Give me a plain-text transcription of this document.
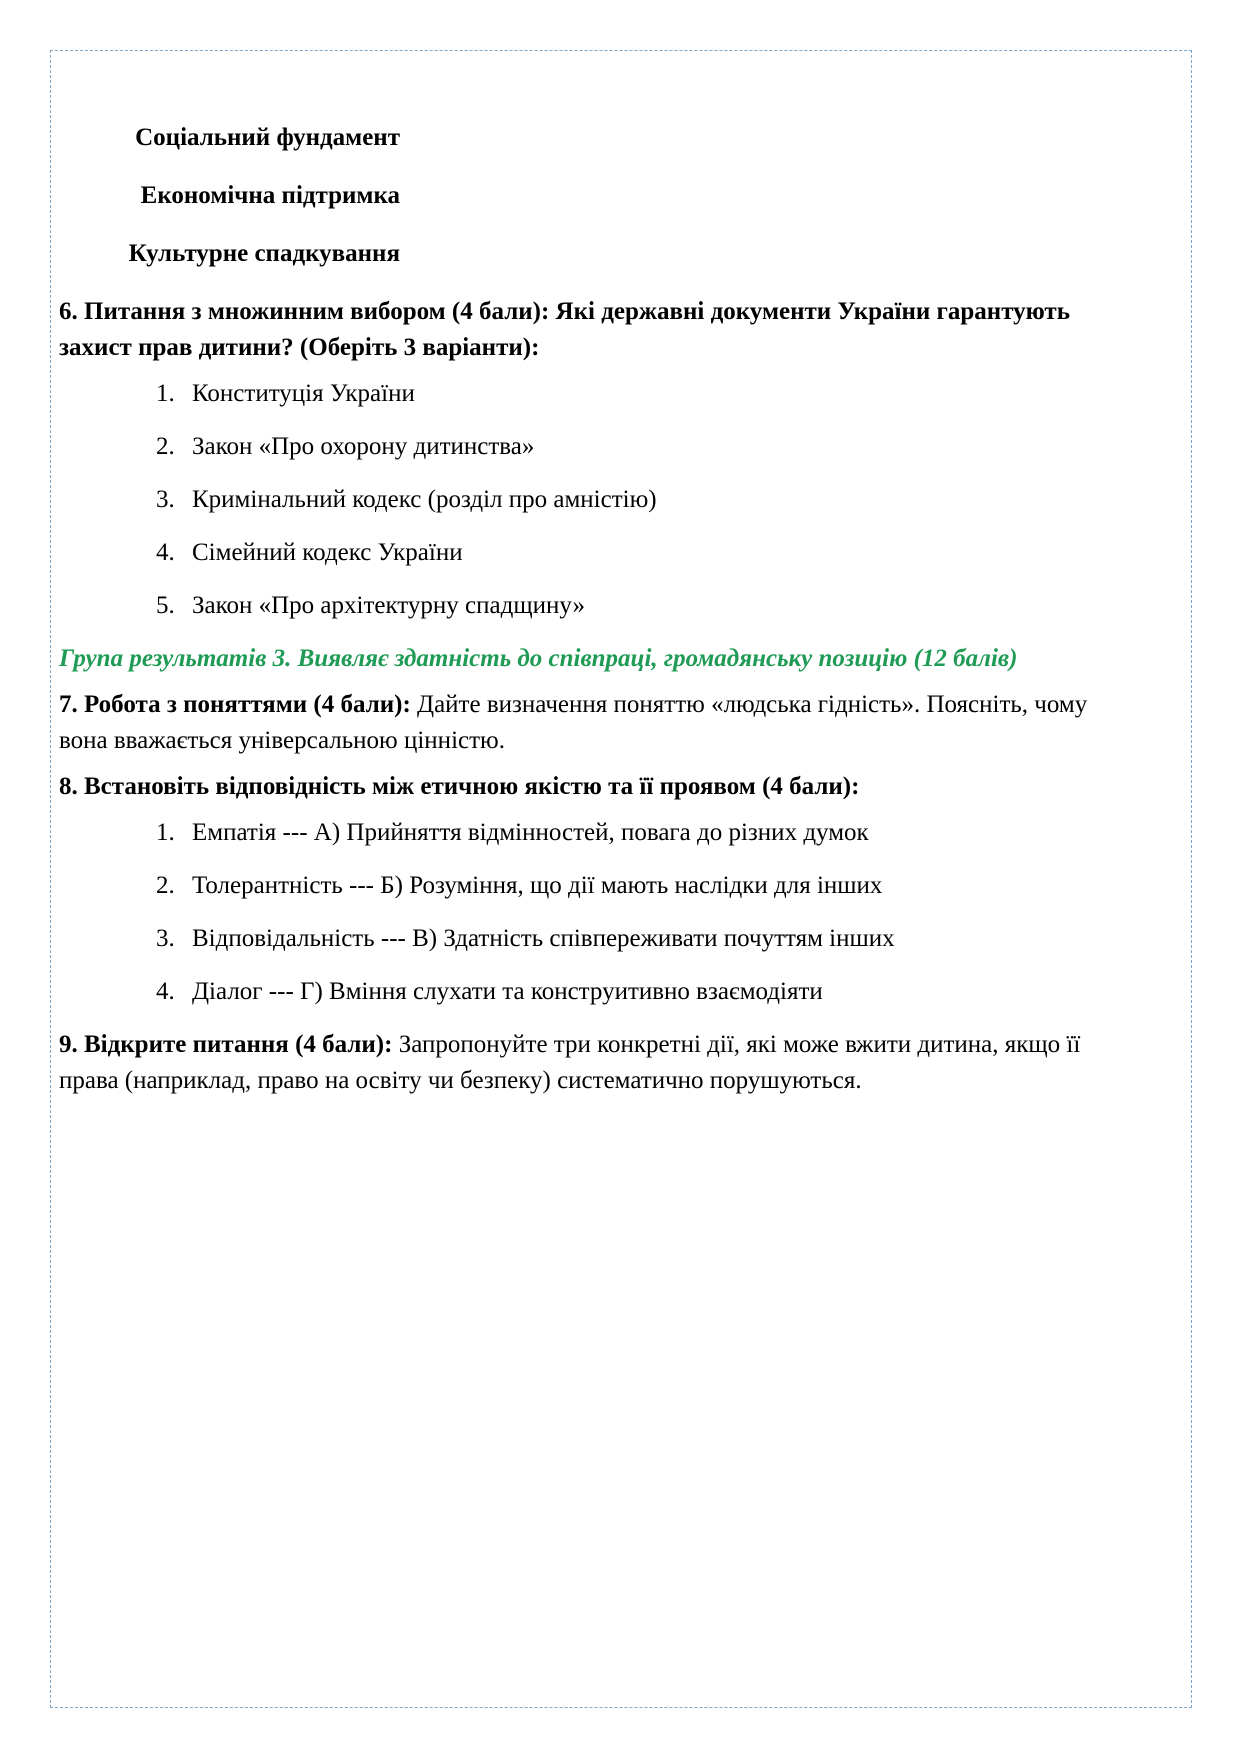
Соціальний фундамент
Економічна підтримка
Культурне спадкування

6. Питання з множинним вибором (4 бали): Які державні документи України гарантують захист прав дитини? (Оберіть 3 варіанти):

1. Конституція України
2. Закон «Про охорону дитинства»
3. Кримінальний кодекс (розділ про амністію)
4. Сімейний кодекс України
5. Закон «Про архітектурну спадщину»

Група результатів 3. Виявляє здатність до співпраці, громадянську позицію (12 балів)

7. Робота з поняттями (4 бали): Дайте визначення поняттю «людська гідність». Поясніть, чому вона вважається універсальною цінністю.

8. Встановіть відповідність між етичною якістю та її проявом (4 бали):

1. Емпатія --- А) Прийняття відмінностей, повага до різних думок
2. Толерантність --- Б) Розуміння, що дії мають наслідки для інших
3. Відповідальність --- В) Здатність співпереживати почуттям інших
4. Діалог --- Г) Вміння слухати та конструитивно взаємодіяти

9. Відкрите питання (4 бали): Запропонуйте три конкретні дії, які може вжити дитина, якщо її права (наприклад, право на освіту чи безпеку) систематично порушуються.
